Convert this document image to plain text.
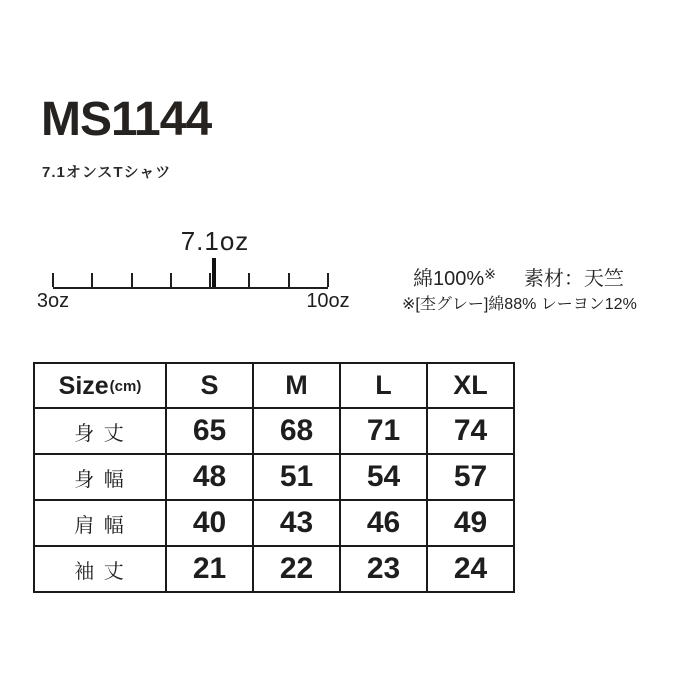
MS1144
7.1オンスTシャツ
7.1oz
3oz	10oz
綿100%※ 素材：天竺
※[杢グレー]綿88% レーヨン12%
Size(cm)	S	M	L	XL
身 丈	65	68	71	74
身 幅	48	51	54	57
肩 幅	40	43	46	49
袖 丈	21	22	23	24
